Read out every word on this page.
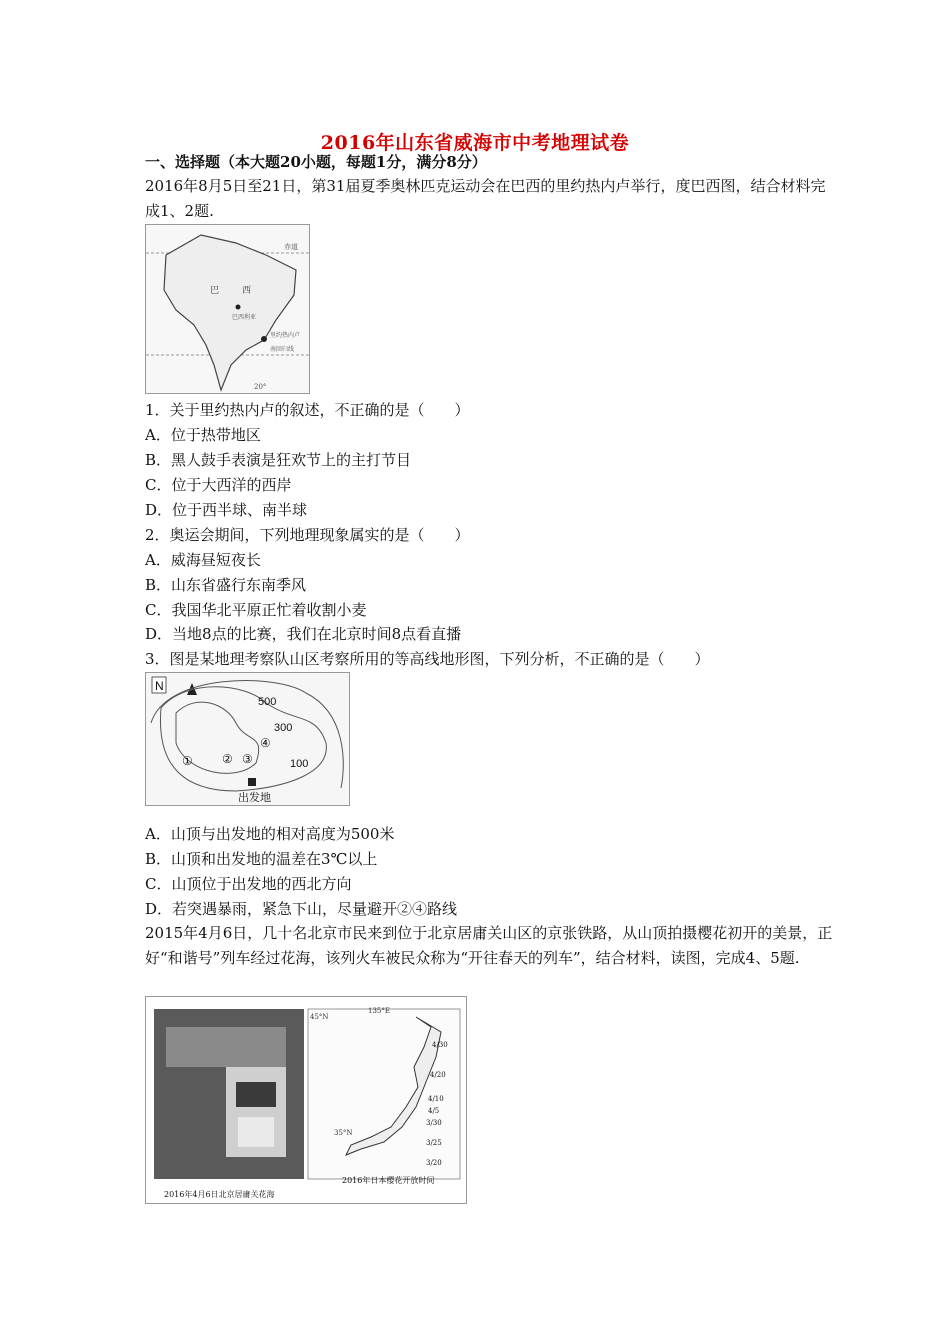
2016年山东省威海市中考地理试卷
一、选择题（本大题20小题，每题1分，满分8分）
2016年8月5日至21日，第31届夏季奥林匹克运动会在巴西的里约热内卢举行，度巴西图，结合材料完成1、2题.
赤道
巴	西
巴西利亚
里约热内卢
南回归线
20°
1．关于里约热内卢的叙述，不正确的是（　　）
A．位于热带地区
B．黑人鼓手表演是狂欢节上的主打节目
C．位于大西洋的西岸
D．位于西半球、南半球
2．奥运会期间，下列地理现象属实的是（　　）
A．威海昼短夜长
B．山东省盛行东南季风
C．我国华北平原正忙着收割小麦
D．当地8点的比赛，我们在北京时间8点看直播
3．图是某地理考察队山区考察所用的等高线地形图，下列分析，不正确的是（　　）
N
500
300
100
① ② ③
④
出发地
A．山顶与出发地的相对高度为500米
B．山顶和出发地的温差在3℃以上
C．山顶位于出发地的西北方向
D．若突遇暴雨，紧急下山，尽量避开②④路线
2015年4月6日，几十名北京市民来到位于北京居庸关山区的京张铁路，从山顶拍摄樱花初开的美景，正好“和谐号”列车经过花海，该列火车被民众称为“开往春天的列车”，结合材料，读图，完成4、5题.
2016年4月6日北京居庸关花海
45°N
135°E
35°N
4/30
4/20
4/10
4/5
3/30
3/25
3/20
2016年日本樱花开放时间
